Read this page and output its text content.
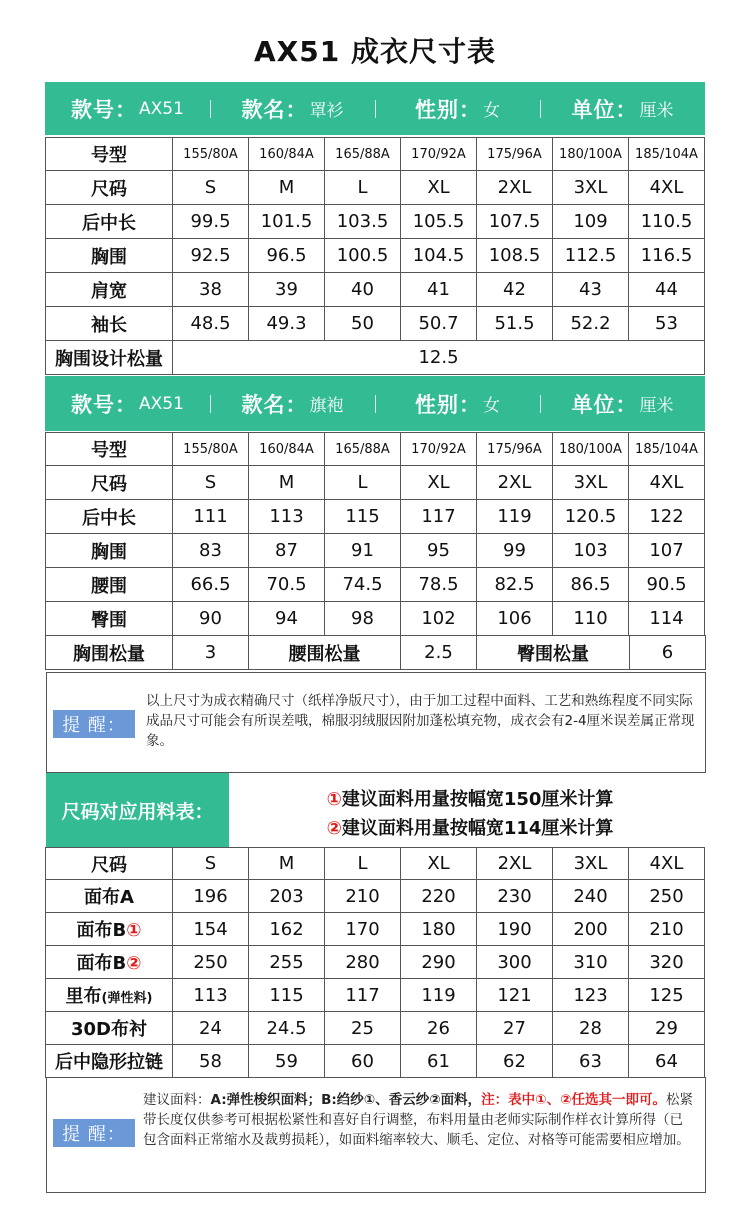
AX51 成衣尺寸表
款号： AX51	款名： 罩衫	性别： 女	单位： 厘米
号型	155/80A	160/84A	165/88A	170/92A	175/96A	180/100A	185/104A
尺码	S	M	L	XL	2XL	3XL	4XL
后中长	99.5	101.5	103.5	105.5	107.5	109	110.5
胸围	92.5	96.5	100.5	104.5	108.5	112.5	116.5
肩宽	38	39	40	41	42	43	44
袖长	48.5	49.3	50	50.7	51.5	52.2	53
胸围设计松量	12.5						
款号： AX51	款名： 旗袍	性别： 女	单位： 厘米
号型	155/80A	160/84A	165/88A	170/92A	175/96A	180/100A	185/104A
尺码	S	M	L	XL	2XL	3XL	4XL
后中长	111	113	115	117	119	120.5	122
胸围	83	87	91	95	99	103	107
腰围	66.5	70.5	74.5	78.5	82.5	86.5	90.5
臀围	90	94	98	102	106	110	114
胸围松量	3	腰围松量	2.5	臀围松量	6
提 醒：
以上尺寸为成衣精确尺寸（纸样净版尺寸），由于加工过程中面料、工艺和熟练程度不同实际成品尺寸可能会有所误差哦，棉服羽绒服因附加蓬松填充物，成衣会有2-4厘米误差属正常现象。
尺码对应用料表：
①建议面料用量按幅宽150厘米计算
②建议面料用量按幅宽114厘米计算
尺码	S	M	L	XL	2XL	3XL	4XL
面布A	196	203	210	220	230	240	250
面布B①	154	162	170	180	190	200	210
面布B②	250	255	280	290	300	310	320
里布(弹性料)	113	115	117	119	121	123	125
30D布衬	24	24.5	25	26	27	28	29
后中隐形拉链	58	59	60	61	62	63	64
提 醒：
建议面料：A:弹性梭织面料；B:绉纱①、香云纱②面料，注：表中①、②任选其一即可。松紧带长度仅供参考可根据松紧性和喜好自行调整，布料用量由老师实际制作样衣计算所得（已包含面料正常缩水及裁剪损耗），如面料缩率较大、顺毛、定位、对格等可能需要相应增加。
